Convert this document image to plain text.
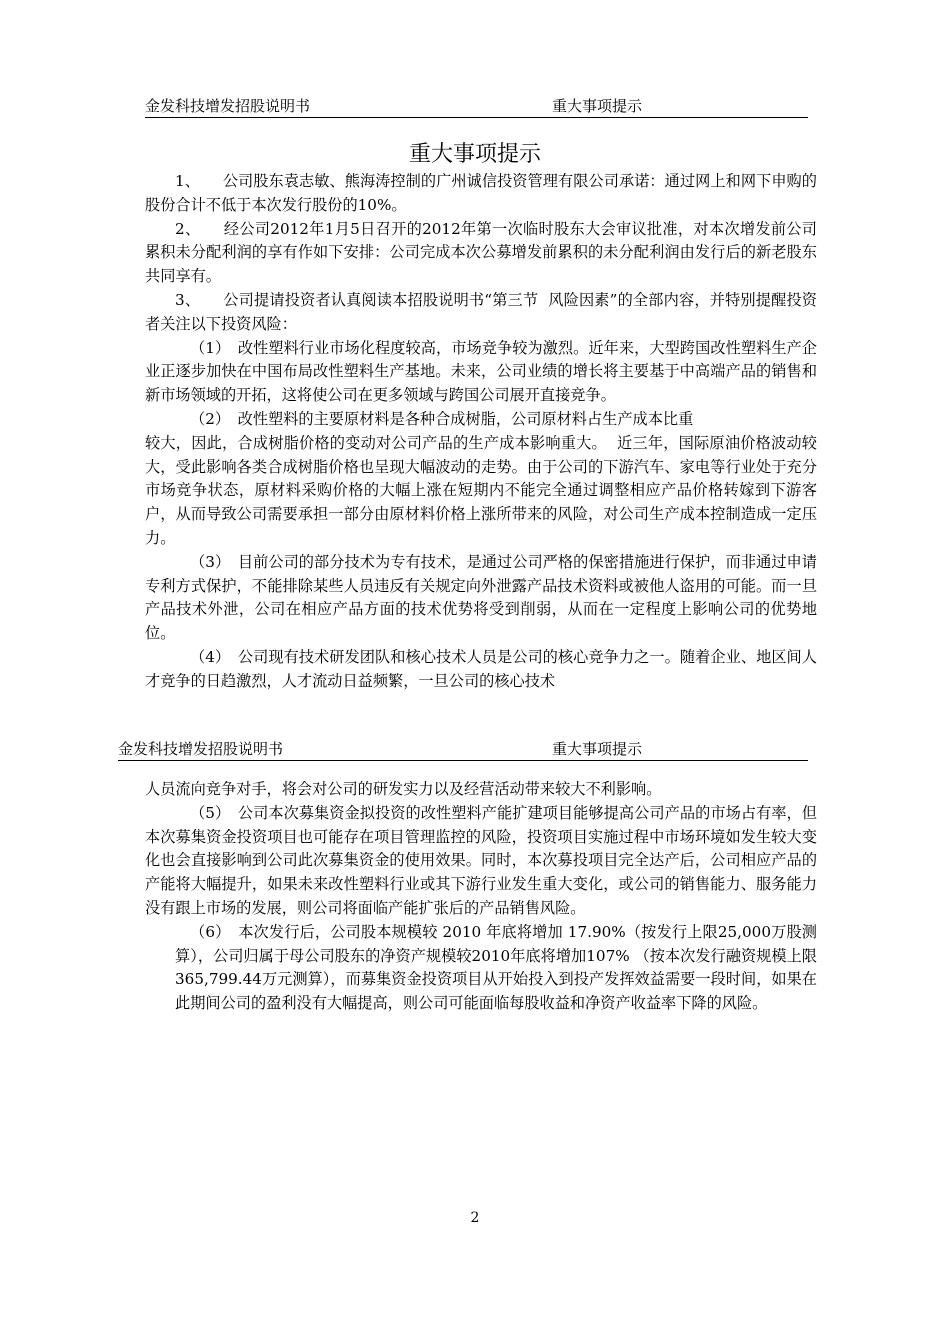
金发科技增发招股说明书	重大事项提示
重大事项提示

1、　　公司股东袁志敏、熊海涛控制的广州诚信投资管理有限公司承诺：通过网上和网下申购的股份合计不低于本次发行股份的10%。

2、　　经公司2012年1月5日召开的2012年第一次临时股东大会审议批准，对本次增发前公司累积未分配利润的享有作如下安排：公司完成本次公募增发前累积的未分配利润由发行后的新老股东共同享有。

3、　　公司提请投资者认真阅读本招股说明书“第三节  风险因素”的全部内容，并特别提醒投资者关注以下投资风险：

（1）　改性塑料行业市场化程度较高，市场竞争较为激烈。近年来，大型跨国改性塑料生产企业正逐步加快在中国布局改性塑料生产基地。未来，公司业绩的增长将主要基于中高端产品的销售和新市场领域的开拓，这将使公司在更多领域与跨国公司展开直接竞争。

（2）　改性塑料的主要原材料是各种合成树脂，公司原材料占生产成本比重

较大，因此，合成树脂价格的变动对公司产品的生产成本影响重大。  近三年，国际原油价格波动较大，受此影响各类合成树脂价格也呈现大幅波动的走势。由于公司的下游汽车、家电等行业处于充分市场竞争状态，原材料采购价格的大幅上涨在短期内不能完全通过调整相应产品价格转嫁到下游客户，从而导致公司需要承担一部分由原材料价格上涨所带来的风险，对公司生产成本控制造成一定压力。

（3）　目前公司的部分技术为专有技术，是通过公司严格的保密措施进行保护，而非通过申请专利方式保护，不能排除某些人员违反有关规定向外泄露产品技术资料或被他人盗用的可能。而一旦产品技术外泄，公司在相应产品方面的技术优势将受到削弱，从而在一定程度上影响公司的优势地位。

（4）　公司现有技术研发团队和核心技术人员是公司的核心竞争力之一。随着企业、地区间人才竞争的日趋激烈，人才流动日益频繁，一旦公司的核心技术

金发科技增发招股说明书	重大事项提示

人员流向竞争对手，将会对公司的研发实力以及经营活动带来较大不利影响。

（5）　公司本次募集资金拟投资的改性塑料产能扩建项目能够提高公司产品的市场占有率，但本次募集资金投资项目也可能存在项目管理监控的风险，投资项目实施过程中市场环境如发生较大变化也会直接影响到公司此次募集资金的使用效果。同时，本次募投项目完全达产后，公司相应产品的产能将大幅提升，如果未来改性塑料行业或其下游行业发生重大变化，或公司的销售能力、服务能力没有跟上市场的发展，则公司将面临产能扩张后的产品销售风险。

（6）　本次发行后，公司股本规模较 2010 年底将增加 17.90%（按发行上限25,000万股测算），公司归属于母公司股东的净资产规模较2010年底将增加107% （按本次发行融资规模上限365,799.44万元测算），而募集资金投资项目从开始投入到投产发挥效益需要一段时间，如果在此期间公司的盈利没有大幅提高，则公司可能面临每股收益和净资产收益率下降的风险。

2
